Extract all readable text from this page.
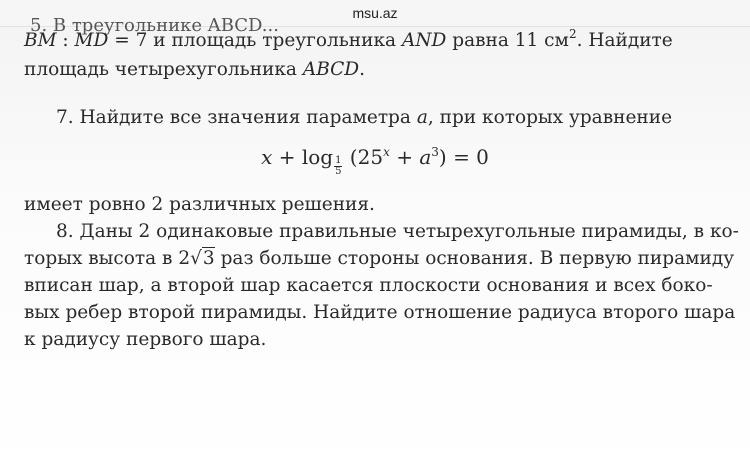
msu.az
5. В треугольнике ABCD...
BM : MD = 7 и площадь треугольника AND равна 11 $см^2$. Найдите
площадь четырехугольника ABCD.
7. Найдите все значения параметра a, при которых уравнение
$x + \log \frac{1}{5} (25^x + a^3) = 0$
имеет ровно 2 различных решения.
8. Даны 2 одинаковые правильные четырехугольные пирамиды, в ко-
торых высота в 2√3 раз больше стороны основания. В первую пирамиду
вписан шар, а второй шар касается плоскости основания и всех боко-
вых ребер второй пирамиды. Найдите отношение радиуса второго шара
к радиусу первого шара.
